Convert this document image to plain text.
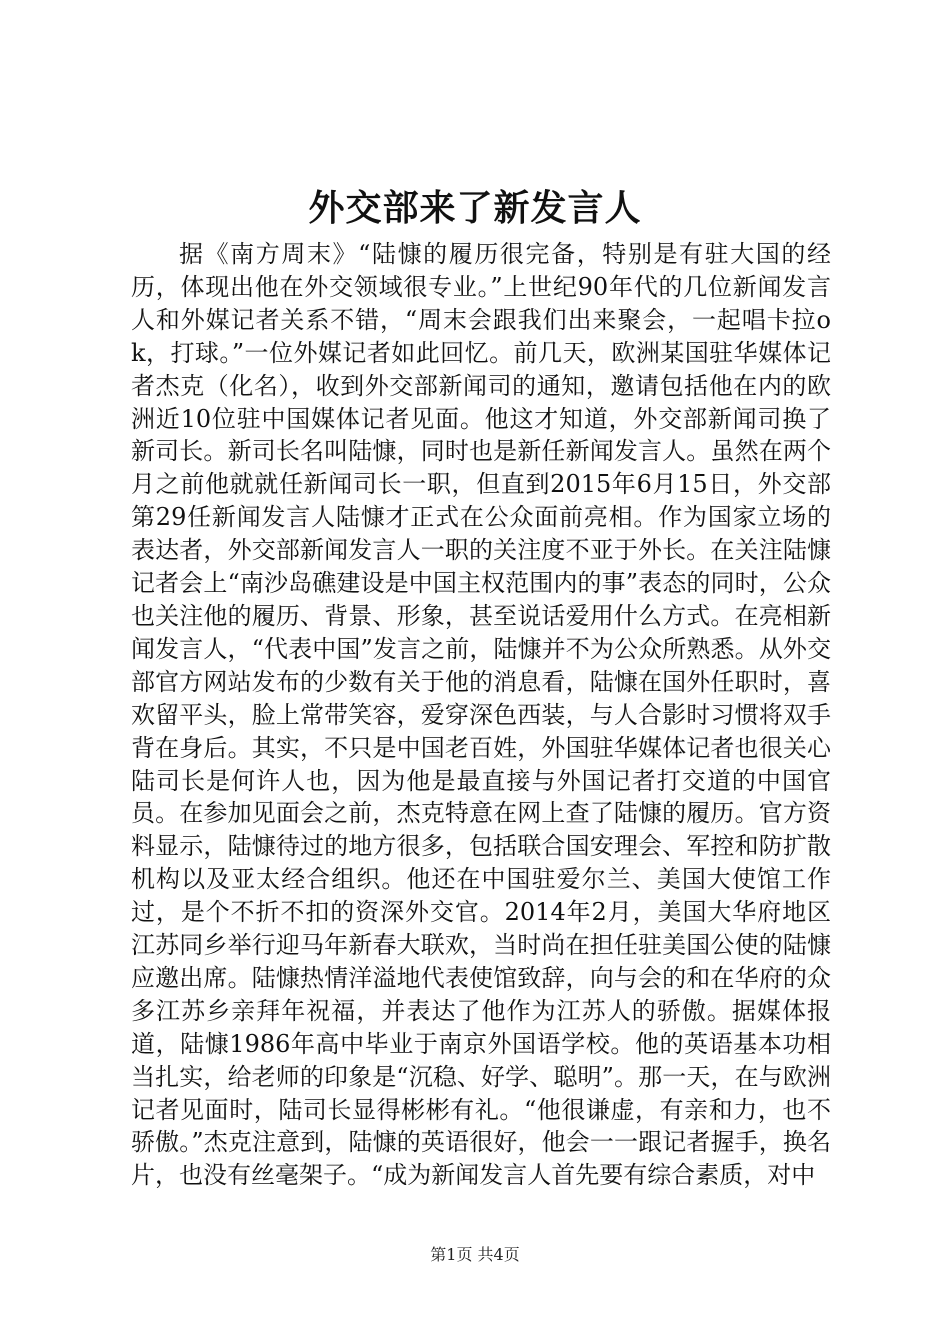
外交部来了新发言人

据《南方周末》“陆慷的履历很完备，特别是有驻大国的经历，体现出他在外交领域很专业。”上世纪90年代的几位新闻发言人和外媒记者关系不错，“周末会跟我们出来聚会，一起唱卡拉ok，打球。”一位外媒记者如此回忆。前几天，欧洲某国驻华媒体记者杰克（化名），收到外交部新闻司的通知，邀请包括他在内的欧洲近10位驻中国媒体记者见面。他这才知道，外交部新闻司换了新司长。新司长名叫陆慷，同时也是新任新闻发言人。虽然在两个月之前他就就任新闻司长一职，但直到2015年6月15日，外交部第29任新闻发言人陆慷才正式在公众面前亮相。作为国家立场的表达者，外交部新闻发言人一职的关注度不亚于外长。在关注陆慷记者会上“南沙岛礁建设是中国主权范围内的事”表态的同时，公众也关注他的履历、背景、形象，甚至说话爱用什么方式。在亮相新闻发言人，“代表中国”发言之前，陆慷并不为公众所熟悉。从外交部官方网站发布的少数有关于他的消息看，陆慷在国外任职时，喜欢留平头，脸上常带笑容，爱穿深色西装，与人合影时习惯将双手背在身后。其实，不只是中国老百姓，外国驻华媒体记者也很关心陆司长是何许人也，因为他是最直接与外国记者打交道的中国官员。在参加见面会之前，杰克特意在网上查了陆慷的履历。官方资料显示，陆慷待过的地方很多，包括联合国安理会、军控和防扩散机构以及亚太经合组织。他还在中国驻爱尔兰、美国大使馆工作过，是个不折不扣的资深外交官。2014年2月，美国大华府地区江苏同乡举行迎马年新春大联欢，当时尚在担任驻美国公使的陆慷应邀出席。陆慷热情洋溢地代表使馆致辞，向与会的和在华府的众多江苏乡亲拜年祝福，并表达了他作为江苏人的骄傲。据媒体报道，陆慷1986年高中毕业于南京外国语学校。他的英语基本功相当扎实，给老师的印象是“沉稳、好学、聪明”。那一天，在与欧洲记者见面时，陆司长显得彬彬有礼。“他很谦虚，有亲和力，也不骄傲。”杰克注意到，陆慷的英语很好，他会一一跟记者握手，换名片，也没有丝毫架子。“成为新闻发言人首先要有综合素质，对中

第1页 共4页
